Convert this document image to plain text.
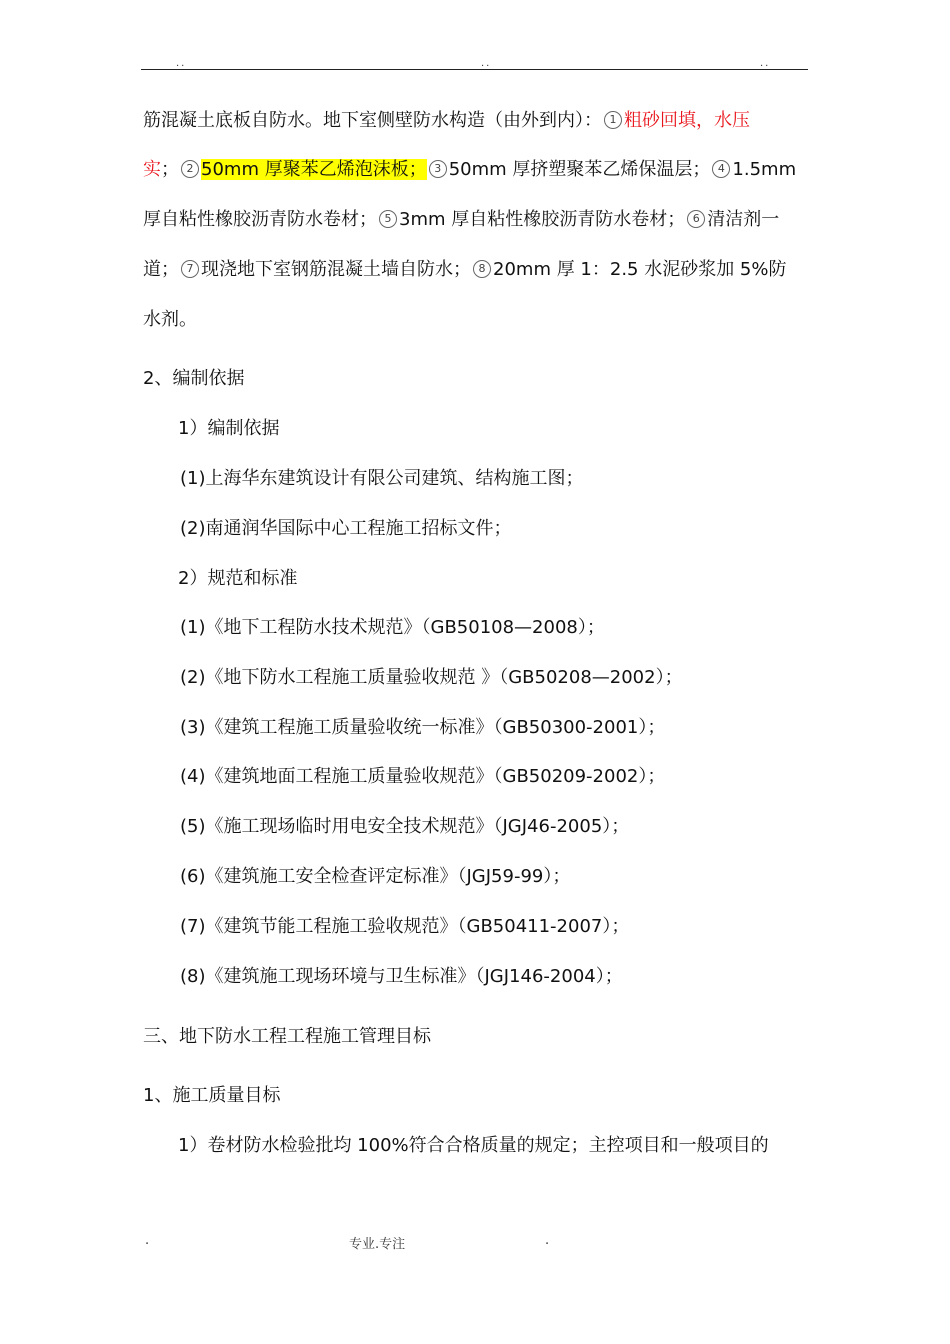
..	..	..
筋混凝土底板自防水。地下室侧壁防水构造（由外到内）： 1 粗砂回填，水压
实； 2 50mm 厚聚苯乙烯泡沫板； 3 50mm 厚挤塑聚苯乙烯保温层； 4 1.5mm
厚自粘性橡胶沥青防水卷材； 5 3mm 厚自粘性橡胶沥青防水卷材； 6 清洁剂一
道； 7 现浇地下室钢筋混凝土墙自防水； 8 20mm 厚 1：2.5 水泥砂浆加 5%防
水剂。
2、编制依据
1）编制依据
(1)上海华东建筑设计有限公司建筑、结构施工图；
(2)南通润华国际中心工程施工招标文件；
2）规范和标准
(1)《地下工程防水技术规范》（GB50108—2008）；
(2)《地下防水工程施工质量验收规范 》（GB50208—2002）；
(3)《建筑工程施工质量验收统一标准》（GB50300-2001）；
(4)《建筑地面工程施工质量验收规范》（GB50209-2002）；
(5)《施工现场临时用电安全技术规范》（JGJ46-2005）；
(6)《建筑施工安全检查评定标准》（JGJ59-99）；
(7)《建筑节能工程施工验收规范》（GB50411-2007）；
(8)《建筑施工现场环境与卫生标准》（JGJ146-2004）；
三、地下防水工程工程施工管理目标
1、施工质量目标
1）卷材防水检验批均 100%符合合格质量的规定；主控项目和一般项目的
.	专业.专注	.
